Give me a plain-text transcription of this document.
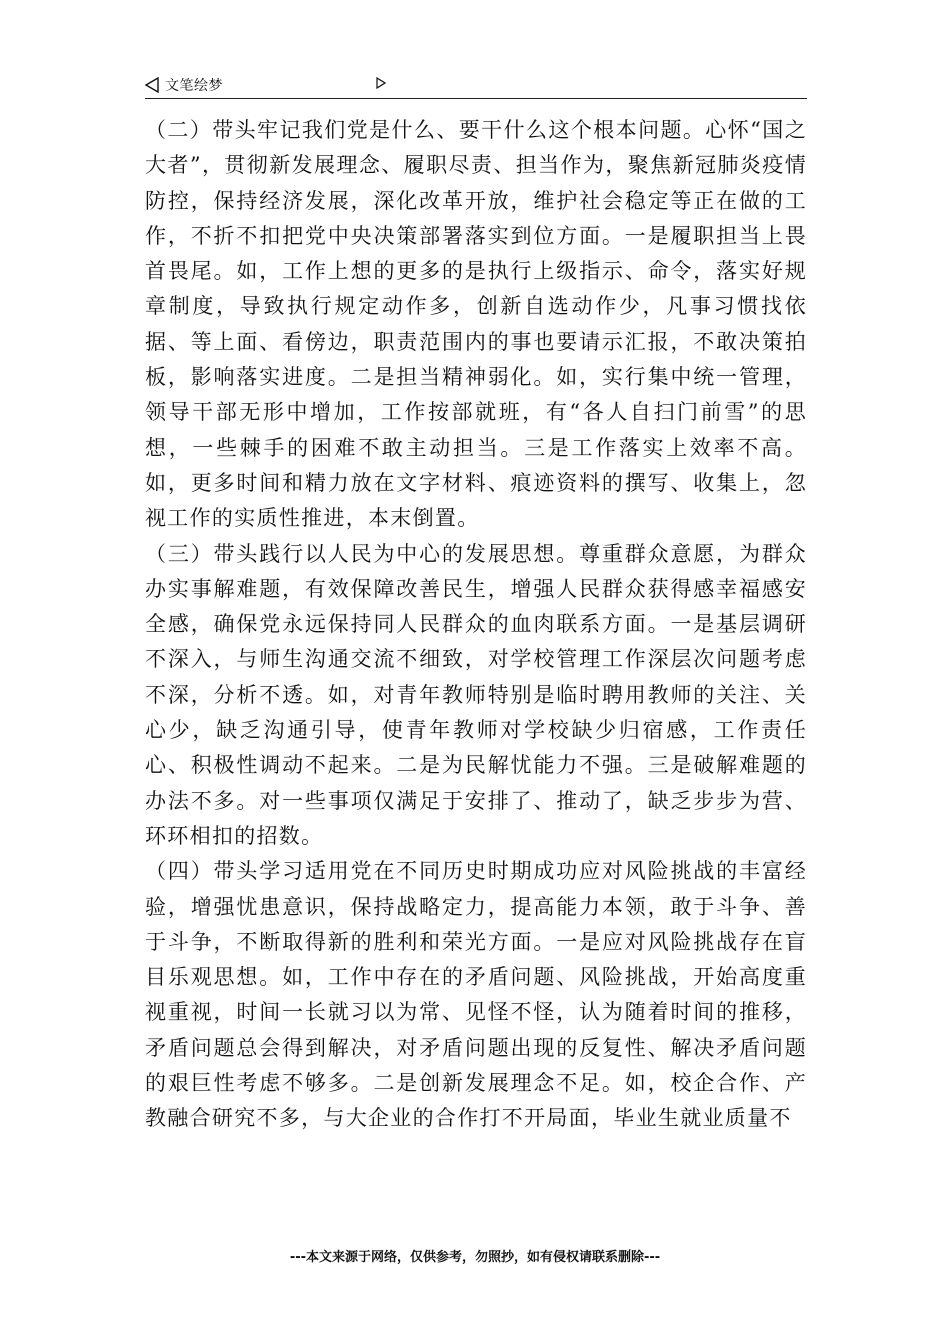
文笔绘梦

（二）带头牢记我们党是什么、要干什么这个根本问题。心怀“国之大者”，贯彻新发展理念、履职尽责、担当作为，聚焦新冠肺炎疫情防控，保持经济发展，深化改革开放，维护社会稳定等正在做的工作，不折不扣把党中央决策部署落实到位方面。一是履职担当上畏首畏尾。如，工作上想的更多的是执行上级指示、命令，落实好规章制度，导致执行规定动作多，创新自选动作少，凡事习惯找依据、等上面、看傍边，职责范围内的事也要请示汇报，不敢决策拍板，影响落实进度。二是担当精神弱化。如，实行集中统一管理，领导干部无形中增加，工作按部就班，有“各人自扫门前雪”的思想，一些棘手的困难不敢主动担当。三是工作落实上效率不高。如，更多时间和精力放在文字材料、痕迹资料的撰写、收集上，忽视工作的实质性推进，本末倒置。

（三）带头践行以人民为中心的发展思想。尊重群众意愿，为群众办实事解难题，有效保障改善民生，增强人民群众获得感幸福感安全感，确保党永远保持同人民群众的血肉联系方面。一是基层调研不深入，与师生沟通交流不细致，对学校管理工作深层次问题考虑不深，分析不透。如，对青年教师特别是临时聘用教师的关注、关心少，缺乏沟通引导，使青年教师对学校缺少归宿感，工作责任心、积极性调动不起来。二是为民解忧能力不强。三是破解难题的办法不多。对一些事项仅满足于安排了、推动了，缺乏步步为营、环环相扣的招数。

（四）带头学习适用党在不同历史时期成功应对风险挑战的丰富经验，增强忧患意识，保持战略定力，提高能力本领，敢于斗争、善于斗争，不断取得新的胜利和荣光方面。一是应对风险挑战存在盲目乐观思想。如，工作中存在的矛盾问题、风险挑战，开始高度重视重视，时间一长就习以为常、见怪不怪，认为随着时间的推移，矛盾问题总会得到解决，对矛盾问题出现的反复性、解决矛盾问题的艰巨性考虑不够多。二是创新发展理念不足。如，校企合作、产教融合研究不多，与大企业的合作打不开局面，毕业生就业质量不

---本文来源于网络，仅供参考，勿照抄，如有侵权请联系删除---
